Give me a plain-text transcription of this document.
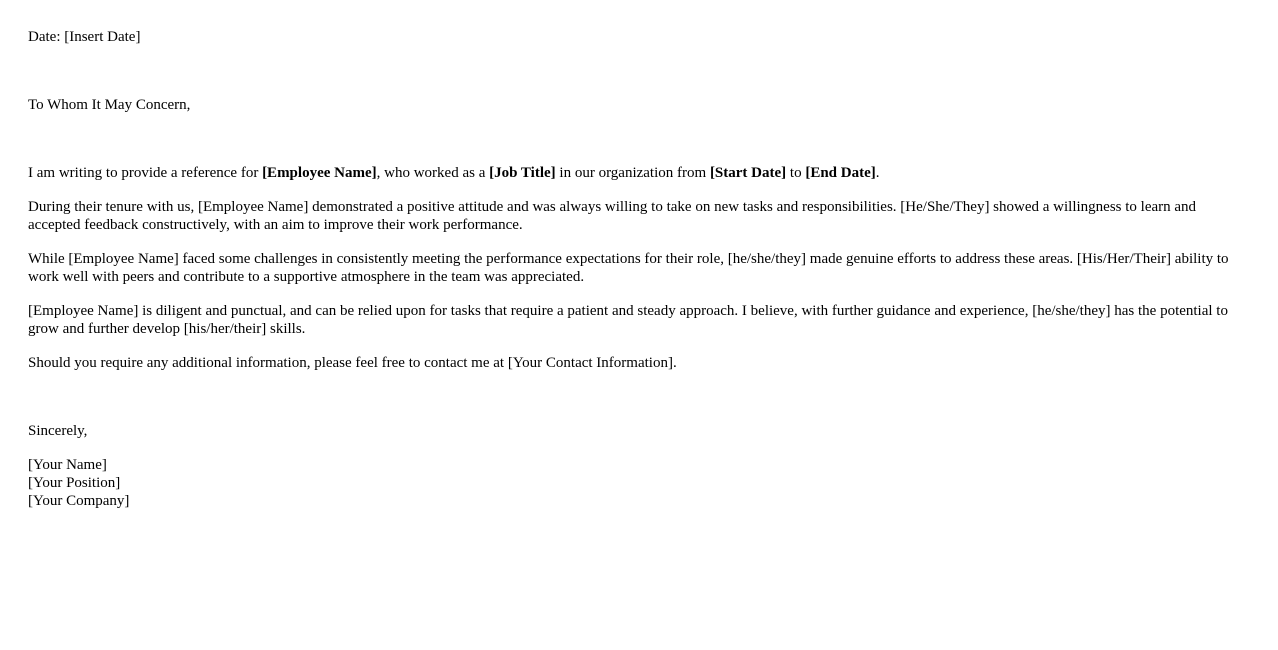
Date: [Insert Date]

To Whom It May Concern,

I am writing to provide a reference for [Employee Name], who worked as a [Job Title] in our organization from [Start Date] to [End Date].

During their tenure with us, [Employee Name] demonstrated a positive attitude and was always willing to take on new tasks and responsibilities. [He/She/They] showed a willingness to learn and accepted feedback constructively, with an aim to improve their work performance.

While [Employee Name] faced some challenges in consistently meeting the performance expectations for their role, [he/she/they] made genuine efforts to address these areas. [His/Her/Their] ability to work well with peers and contribute to a supportive atmosphere in the team was appreciated.

[Employee Name] is diligent and punctual, and can be relied upon for tasks that require a patient and steady approach. I believe, with further guidance and experience, [he/she/they] has the potential to grow and further develop [his/her/their] skills.

Should you require any additional information, please feel free to contact me at [Your Contact Information].

Sincerely,

[Your Name]
[Your Position]
[Your Company]
